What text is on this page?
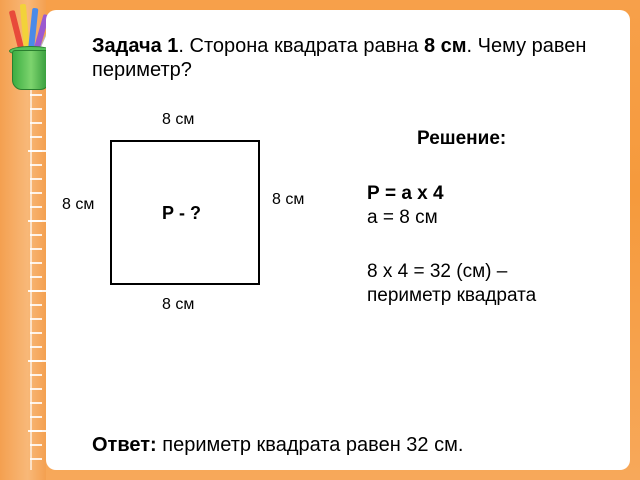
Задача 1. Сторона квадрата равна 8 см. Чему равен периметр?
8 см
8 см	8 см
8 см
Р - ?
Решение:
Р = а х 4
а = 8 см
8 х 4 = 32 (см) –
периметр квадрата
Ответ: периметр квадрата равен 32 см.
